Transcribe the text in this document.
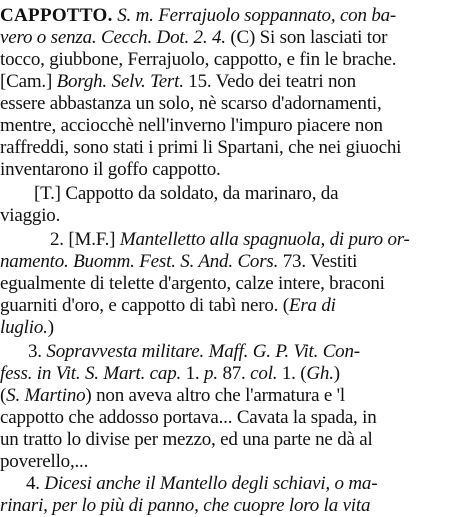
CAPPOTTO. S. m. Ferrajuolo soppannato, con ba-
vero o senza. Cecch. Dot. 2. 4. (C) Si son lasciati tor
tocco, giubbone, Ferrajuolo, cappotto, e fin le brache.
[Cam.] Borgh. Selv. Tert. 15. Vedo dei teatri non
essere abbastanza un solo, nè scarso d'adornamenti,
mentre, acciocchè nell'inverno l'impuro piacere non
raffreddi, sono stati i primi li Spartani, che nei giuochi
inventarono il goffo cappotto.
[T.] Cappotto da soldato, da marinaro, da
viaggio.
2. [M.F.] Mantelletto alla spagnuola, di puro or-
namento. Buomm. Fest. S. And. Cors. 73. Vestiti
egualmente di telette d'argento, calze intere, braconi
guarniti d'oro, e cappotto di tabì nero. (Era di
luglio.)
3. Sopravvesta militare. Maff. G. P. Vit. Con-
fess. in Vit. S. Mart. cap. 1. p. 87. col. 1. (Gh.)
(S. Martino) non aveva altro che l'armatura e 'l
cappotto che addosso portava... Cavata la spada, in
un tratto lo divise per mezzo, ed una parte ne dà al
poverello,...
4. Dicesi anche il Mantello degli schiavi, o ma-
rinari, per lo più di panno, che cuopre loro la vita
